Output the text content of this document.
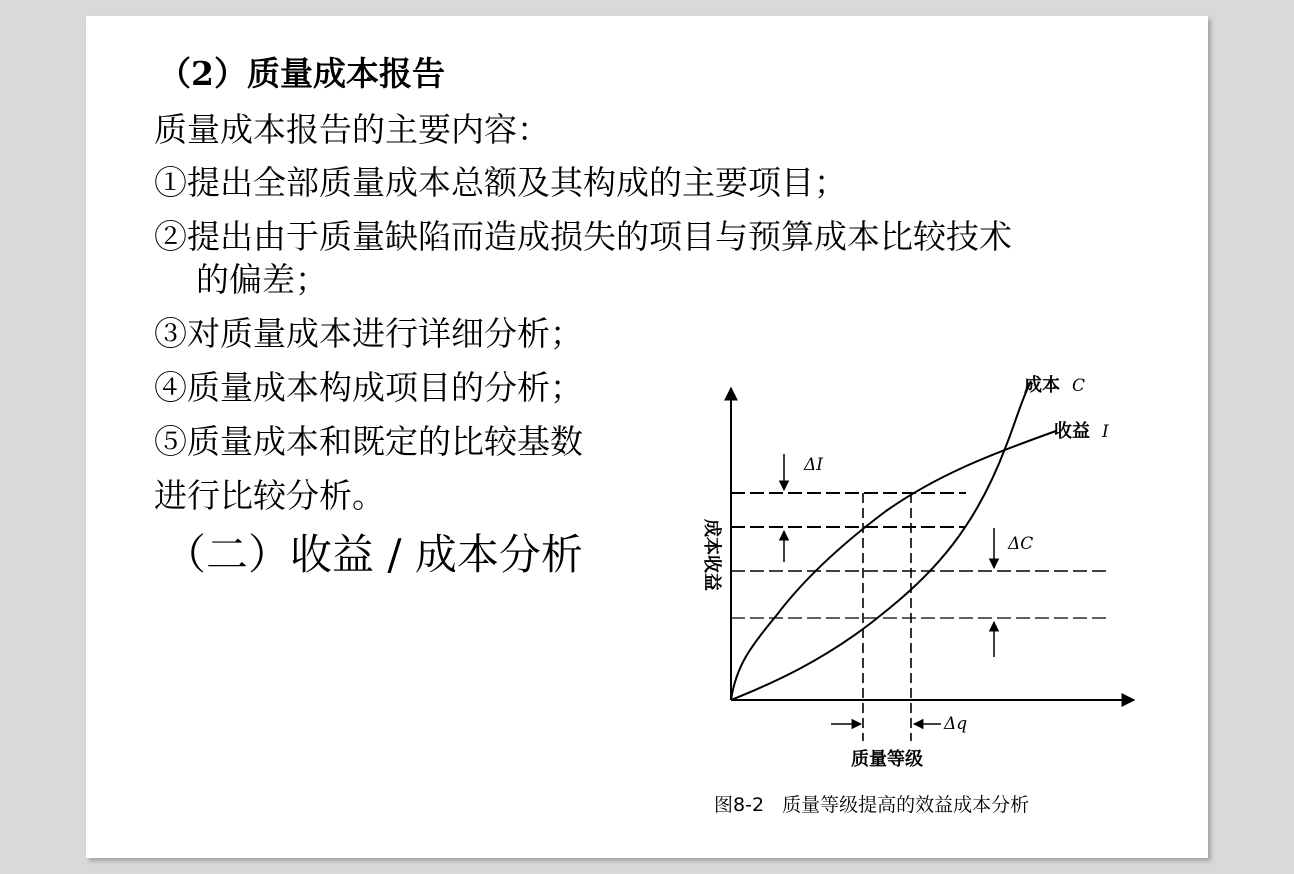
（2）质量成本报告
质量成本报告的主要内容：
①提出全部质量成本总额及其构成的主要项目；
②提出由于质量缺陷而造成损失的项目与预算成本比较技术
的偏差；
③对质量成本进行详细分析；
④质量成本构成项目的分析；
⑤质量成本和既定的比较基数
进行比较分析。
（二）收益 / 成本分析
成本 C
收益 I
ΔI
ΔC
Δq
成本收益
质量等级
图8-2   质量等级提高的效益成本分析
